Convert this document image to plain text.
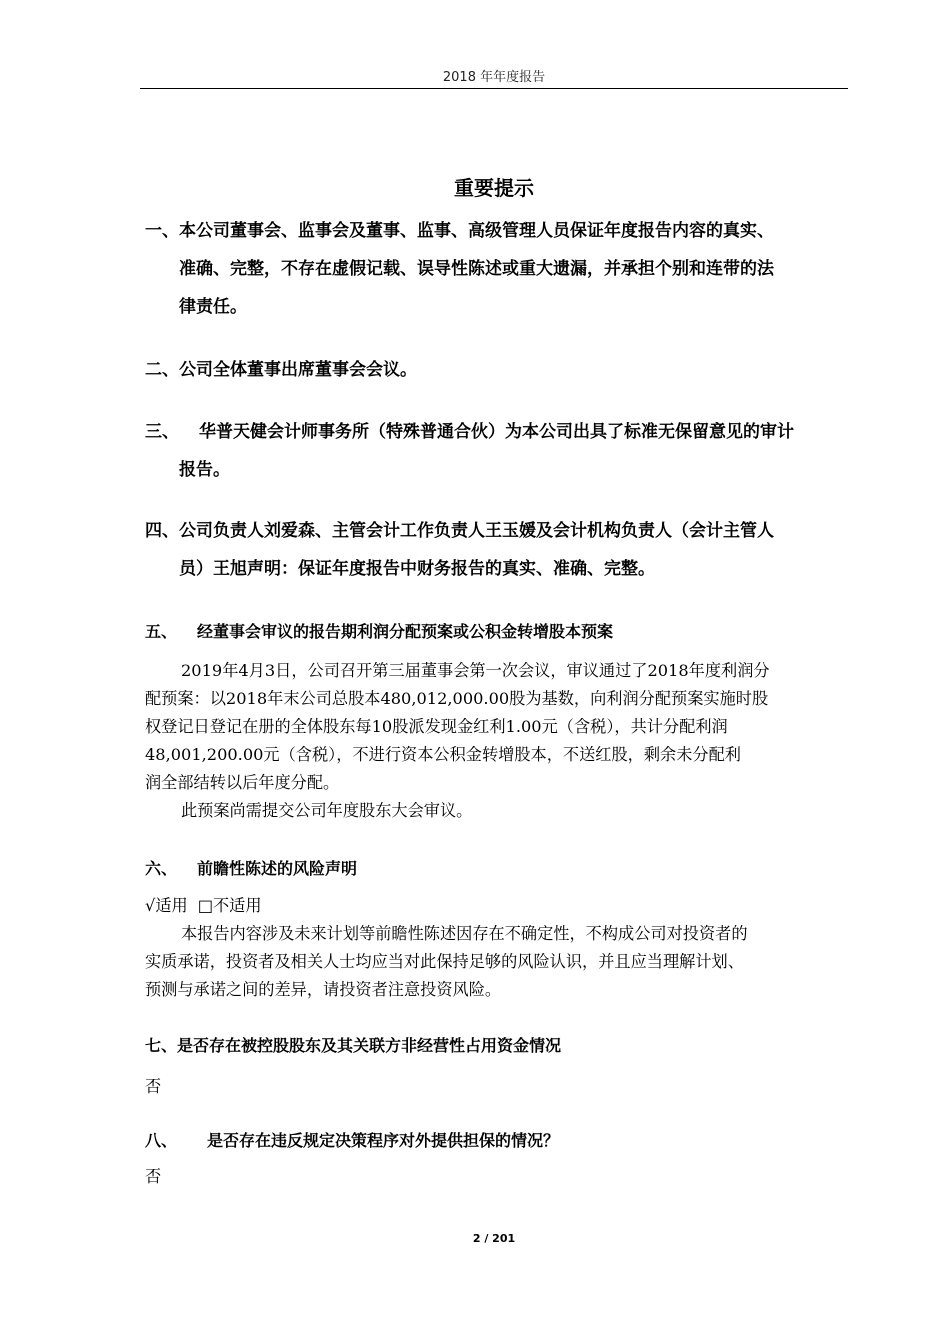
2018 年年度报告
重要提示
一、本公司董事会、监事会及董事、监事、高级管理人员保证年度报告内容的真实、
准确、完整，不存在虚假记载、误导性陈述或重大遗漏，并承担个别和连带的法
律责任。
二、公司全体董事出席董事会会议。
三、 华普天健会计师事务所（特殊普通合伙）为本公司出具了标准无保留意见的审计
报告。
四、公司负责人刘爱森、主管会计工作负责人王玉媛及会计机构负责人（会计主管人
员）王旭声明：保证年度报告中财务报告的真实、准确、完整。
五、 经董事会审议的报告期利润分配预案或公积金转增股本预案
2019年4月3日，公司召开第三届董事会第一次会议，审议通过了2018年度利润分
配预案：以2018年末公司总股本480,012,000.00股为基数，向利润分配预案实施时股
权登记日登记在册的全体股东每10股派发现金红利1.00元（含税），共计分配利润
48,001,200.00元（含税），不进行资本公积金转增股本，不送红股，剩余未分配利
润全部结转以后年度分配。
此预案尚需提交公司年度股东大会审议。
六、 前瞻性陈述的风险声明
√适用 □不适用
本报告内容涉及未来计划等前瞻性陈述因存在不确定性，不构成公司对投资者的
实质承诺，投资者及相关人士均应当对此保持足够的风险认识，并且应当理解计划、
预测与承诺之间的差异，请投资者注意投资风险。
七、是否存在被控股股东及其关联方非经营性占用资金情况
否
八、 是否存在违反规定决策程序对外提供担保的情况？
否
2 / 201
